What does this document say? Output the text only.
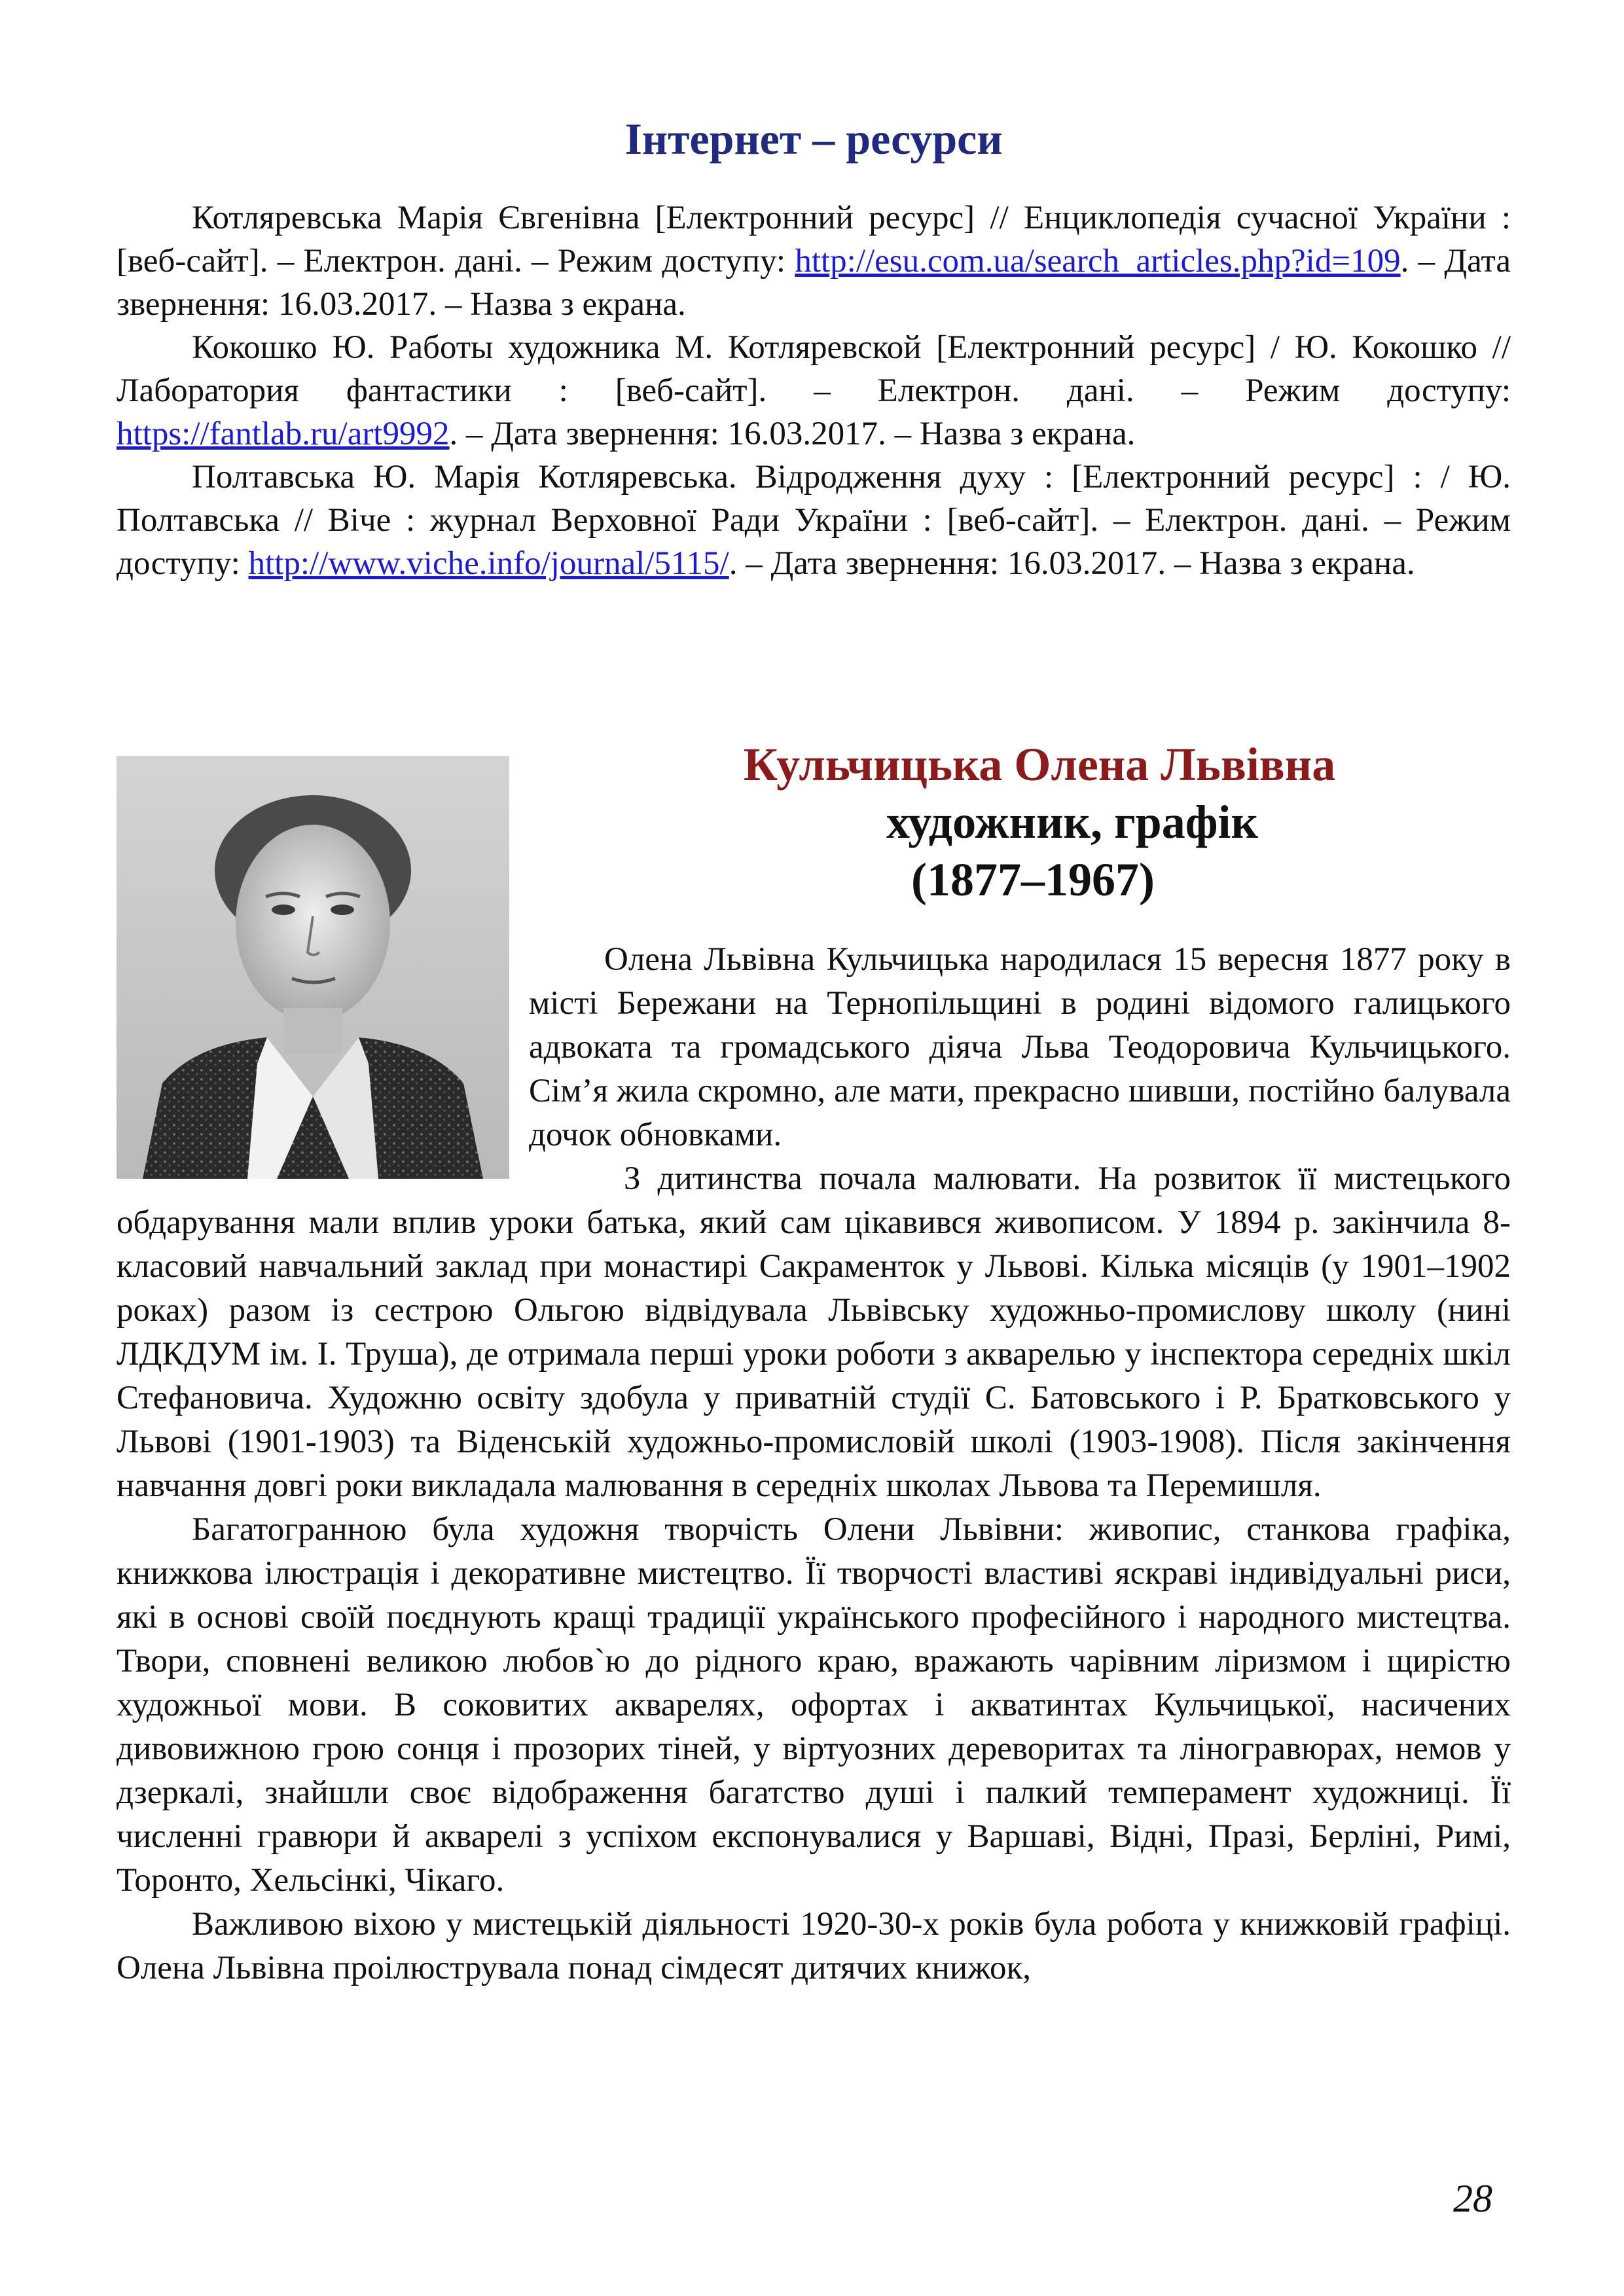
Інтернет – ресурси

Котляревська Марія Євгенівна [Електронний ресурс] // Енциклопедія сучасної України : [веб-сайт]. – Електрон. дані. – Режим доступу: http://esu.com.ua/search_articles.php?id=109. – Дата звернення: 16.03.2017. – Назва з екрана.

Кокошко Ю. Работы художника М. Котляревской [Електронний ресурс] / Ю. Кокошко // Лаборатория фантастики : [веб-сайт]. – Електрон. дані. – Режим доступу: https://fantlab.ru/art9992. – Дата звернення: 16.03.2017. – Назва з екрана.

Полтавська Ю. Марія Котляревська. Відродження духу : [Електронний ресурс] : / Ю. Полтавська // Віче : журнал Верховної Ради України : [веб-сайт]. – Електрон. дані. – Режим доступу: http://www.viche.info/journal/5115/. – Дата звернення: 16.03.2017. – Назва з екрана.

Кульчицька Олена Львівна
художник, графік
(1877–1967)

Олена Львівна Кульчицька народилася 15 вересня 1877 року в місті Бережани на Тернопільщині в родині відомого галицького адвоката та громадського діяча Льва Теодоровича Кульчицького. Сім’я жила скромно, але мати, прекрасно шивши, постійно балувала дочок обновками.

З дитинства почала малювати. На розвиток її мистецького обдарування мали вплив уроки батька, який сам цікавився живописом. У 1894 р. закінчила 8-класовий навчальний заклад при монастирі Сакраменток у Львові. Кілька місяців (у 1901–1902 роках) разом із сестрою Ольгою відвідувала Львівську художньо-промислову школу (нині ЛДКДУМ ім. І. Труша), де отримала перші уроки роботи з акварелью у інспектора середніх шкіл Стефановича. Художню освіту здобула у приватній студії С. Батовського і Р. Братковського у Львові (1901-1903) та Віденській художньо-промисловій школі (1903-1908). Після закінчення навчання довгі роки викладала малювання в середніх школах Львова та Перемишля.

Багатогранною була художня творчість Олени Львівни: живопис, станкова графіка, книжкова ілюстрація і декоративне мистецтво. Її творчості властиві яскраві індивідуальні риси, які в основі своїй поєднують кращі традиції українського професійного і народного мистецтва. Твори, сповнені великою любов`ю до рідного краю, вражають чарівним ліризмом і щирістю художньої мови. В соковитих акварелях, офортах і акватинтах Кульчицької, насичених дивовижною грою сонця і прозорих тіней, у віртуозних дереворитах та ліногравюрах, немов у дзеркалі, знайшли своє відображення багатство душі і палкий темперамент художниці. Її численні гравюри й акварелі з успіхом експонувалися у Варшаві, Відні, Празі, Берліні, Римі, Торонто, Хельсінкі, Чікаго.

Важливою віхою у мистецькій діяльності 1920-30-х років була робота у книжковій графіці. Олена Львівна проілюструвала понад сімдесят дитячих книжок,

28
